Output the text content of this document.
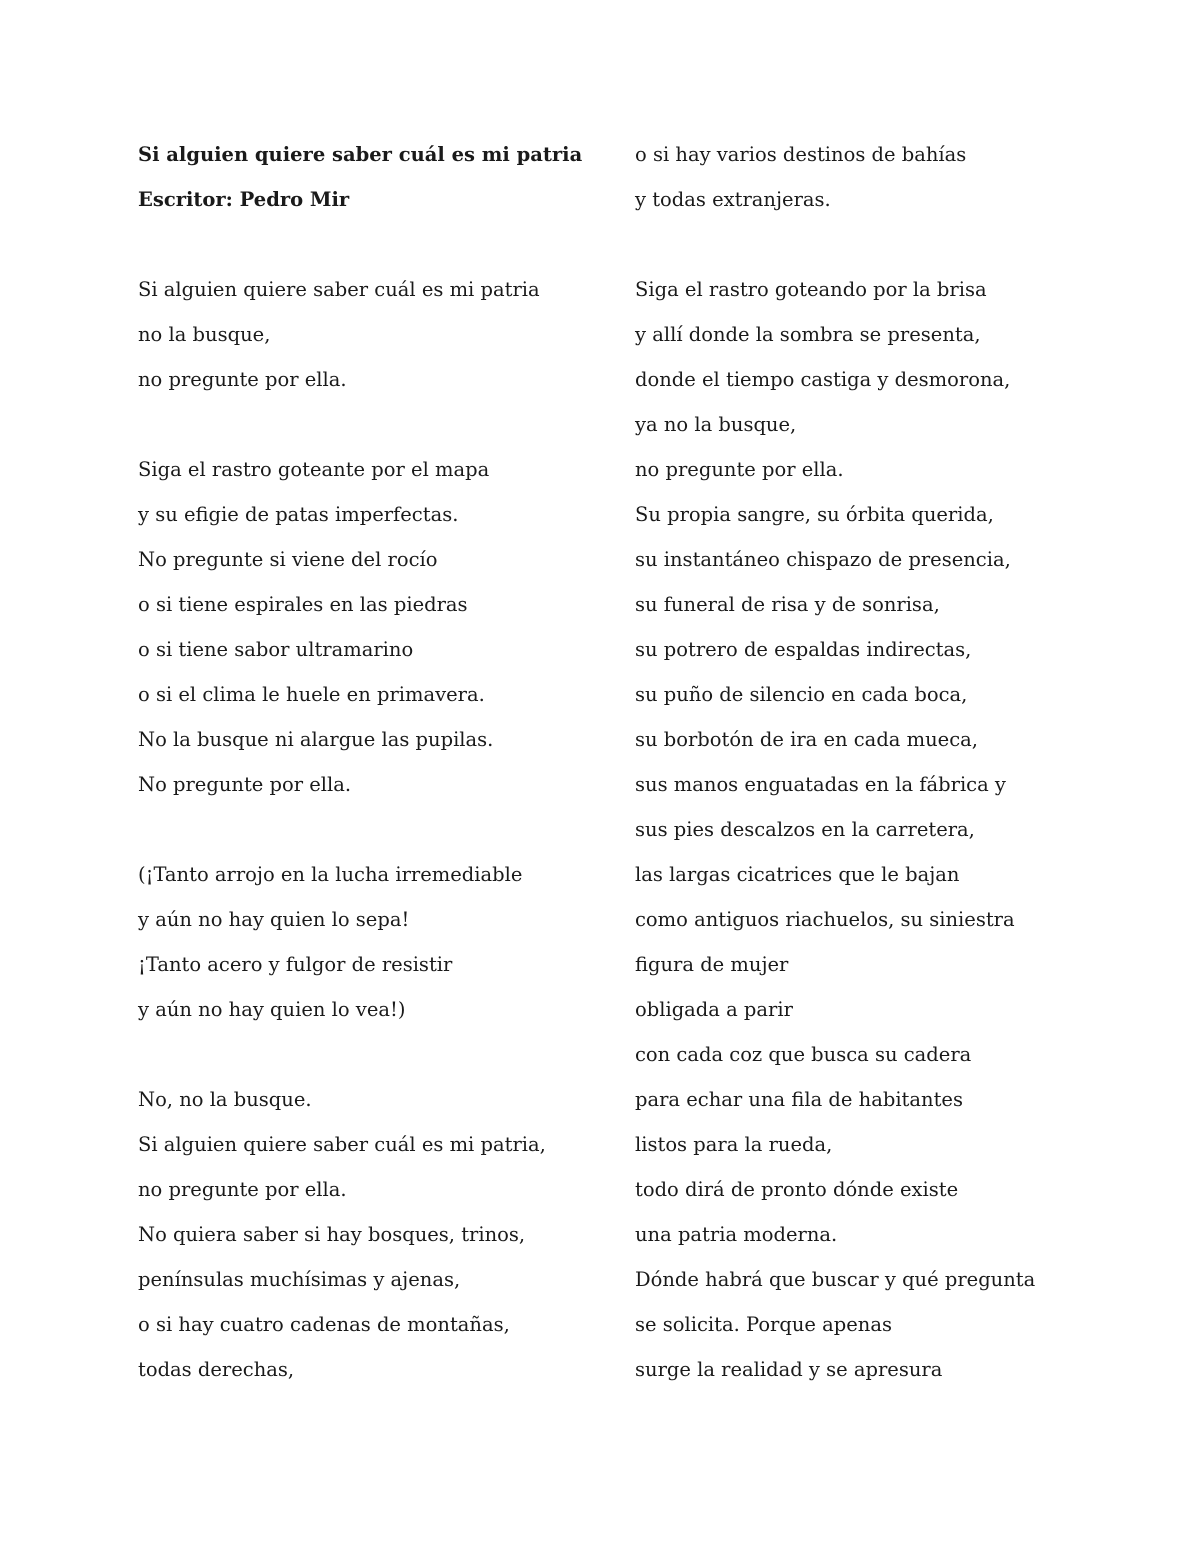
Si alguien quiere saber cuál es mi patria
Escritor: Pedro Mir
Si alguien quiere saber cuál es mi patria
no la busque,
no pregunte por ella.
Siga el rastro goteante por el mapa
y su efigie de patas imperfectas.
No pregunte si viene del rocío
o si tiene espirales en las piedras
o si tiene sabor ultramarino
o si el clima le huele en primavera.
No la busque ni alargue las pupilas.
No pregunte por ella.
(¡Tanto arrojo en la lucha irremediable
y aún no hay quien lo sepa!
¡Tanto acero y fulgor de resistir
y aún no hay quien lo vea!)
No, no la busque.
Si alguien quiere saber cuál es mi patria,
no pregunte por ella.
No quiera saber si hay bosques, trinos,
penínsulas muchísimas y ajenas,
o si hay cuatro cadenas de montañas,
todas derechas,
o si hay varios destinos de bahías
y todas extranjeras.
Siga el rastro goteando por la brisa
y allí donde la sombra se presenta,
donde el tiempo castiga y desmorona,
ya no la busque,
no pregunte por ella.
Su propia sangre, su órbita querida,
su instantáneo chispazo de presencia,
su funeral de risa y de sonrisa,
su potrero de espaldas indirectas,
su puño de silencio en cada boca,
su borbotón de ira en cada mueca,
sus manos enguatadas en la fábrica y
sus pies descalzos en la carretera,
las largas cicatrices que le bajan
como antiguos riachuelos, su siniestra
figura de mujer
obligada a parir
con cada coz que busca su cadera
para echar una fila de habitantes
listos para la rueda,
todo dirá de pronto dónde existe
una patria moderna.
Dónde habrá que buscar y qué pregunta
se solicita. Porque apenas
surge la realidad y se apresura
